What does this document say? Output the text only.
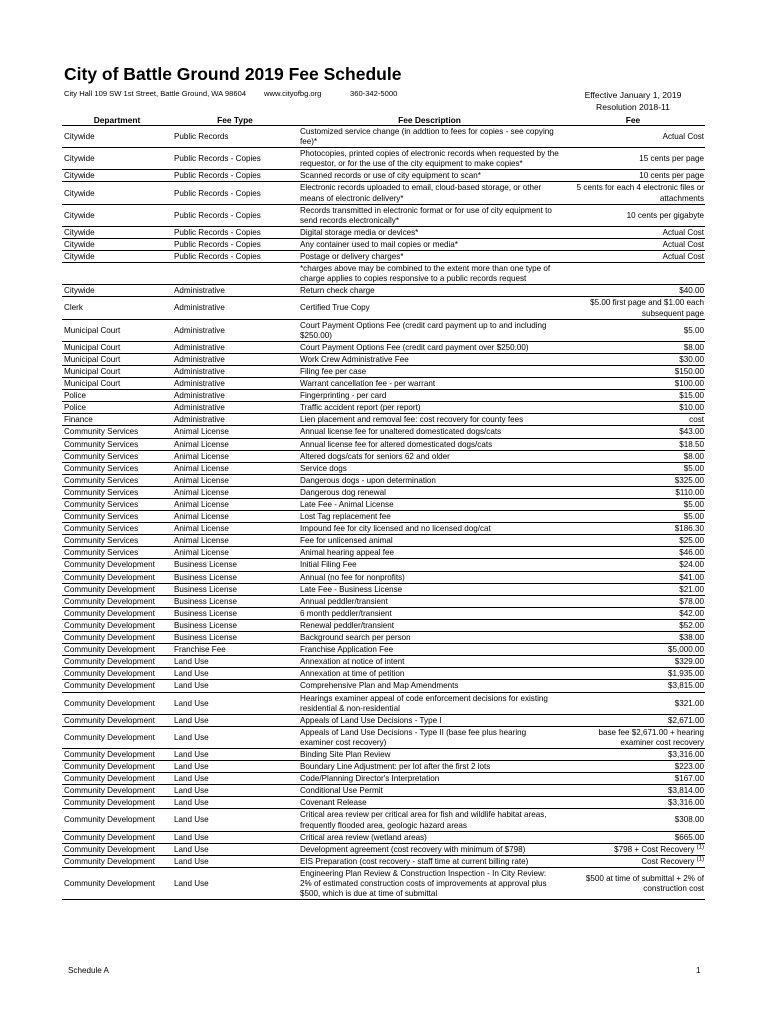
City of Battle Ground 2019 Fee Schedule
City Hall 109 SW 1st Street, Battle Ground, WA 98604 www.cityofbg.org	360-342-5000	Effective January 1, 2019
Resolution 2018-11
Department	Fee Type	Fee Description	Fee
Citywide	Public Records	Customized service change (in addtion to fees for copies - see copying fee)*	Actual Cost
Citywide	Public Records - Copies	Photocopies, printed copies of electronic records when requested by the requestor, or for the use of the city equipment to make copies*	15 cents per page
Citywide	Public Records - Copies	Scanned records or use of city equipment to scan*	10 cents per page
Citywide	Public Records - Copies	Electronic records uploaded to email, cloud-based storage, or other means of electronic delivery*	5 cents for each 4 electronic files or attachments
Citywide	Public Records - Copies	Records transmitted in electronic format or for use of city equipment to send records electronically*	10 cents per gigabyte
Citywide	Public Records - Copies	Digital storage media or devices*	Actual Cost
Citywide	Public Records - Copies	Any container used to mail copies or media*	Actual Cost
Citywide	Public Records - Copies	Postage or delivery charges*	Actual Cost
		*charges above may be combined to the extent more than one type of charge applies to copies responsive to a public records request	
Citywide	Administrative	Return check charge	$40.00
Clerk	Administrative	Certified True Copy	$5.00 first page and $1.00 each subsequent page
Municipal Court	Administrative	Court Payment Options Fee (credit card payment up to and including $250.00)	$5.00
Municipal Court	Administrative	Court Payment Options Fee (credit card payment over $250.00)	$8.00
Municipal Court	Administrative	Work Crew Administrative Fee	$30.00
Municipal Court	Administrative	Filing fee per case	$150.00
Municipal Court	Administrative	Warrant cancellation fee - per warrant	$100.00
Police	Administrative	Fingerprinting - per card	$15.00
Police	Administrative	Traffic accident report (per report)	$10.00
Finance	Administrative	Lien placement and removal fee: cost recovery for county fees	cost
Community Services	Animal License	Annual license fee for unaltered domesticated dogs/cats	$43.00
Community Services	Animal License	Annual license fee for altered domesticated dogs/cats	$18.50
Community Services	Animal License	Altered dogs/cats for seniors 62 and older	$8.00
Community Services	Animal License	Service dogs	$5.00
Community Services	Animal License	Dangerous dogs - upon determination	$325.00
Community Services	Animal License	Dangerous dog renewal	$110.00
Community Services	Animal License	Late Fee - Animal License	$5.00
Community Services	Animal License	Lost Tag replacement fee	$5.00
Community Services	Animal License	Impound fee for city licensed and no licensed dog/cat	$186.30
Community Services	Animal License	Fee for unlicensed animal	$25.00
Community Services	Animal License	Animal hearing appeal fee	$46.00
Community Development	Business License	Initial Filing Fee	$24.00
Community Development	Business License	Annual (no fee for nonprofits)	$41.00
Community Development	Business License	Late Fee - Business License	$21.00
Community Development	Business License	Annual peddler/transient	$78.00
Community Development	Business License	6 month peddler/transient	$42.00
Community Development	Business License	Renewal peddler/transient	$52.00
Community Development	Business License	Background search per person	$38.00
Community Development	Franchise Fee	Franchise Application Fee	$5,000.00
Community Development	Land Use	Annexation at notice of intent	$329.00
Community Development	Land Use	Annexation at time of petition	$1,935.00
Community Development	Land Use	Comprehensive Plan and Map Amendments	$3,815.00
Community Development	Land Use	Hearings examiner appeal of code enforcement decisions for existing residential & non-residential	$321.00
Community Development	Land Use	Appeals of Land Use Decisions - Type I	$2,671.00
Community Development	Land Use	Appeals of Land Use Decisions - Type II (base fee plus hearing examiner cost recovery)	base fee $2,671.00 + hearing examiner cost recovery
Community Development	Land Use	Binding Site Plan Review	$3,316.00
Community Development	Land Use	Boundary Line Adjustment: per lot after the first 2 lots	$223.00
Community Development	Land Use	Code/Planning Director's Interpretation	$167.00
Community Development	Land Use	Conditional Use Permit	$3,814.00
Community Development	Land Use	Covenant Release	$3,316.00
Community Development	Land Use	Critical area review per critical area for fish and wildlife habitat areas, frequently flooded area, geologic hazard areas	$308.00
Community Development	Land Use	Critical area review (wetland areas)	$665.00
Community Development	Land Use	Development agreement (cost recovery with minimum of $798)	$798 + Cost Recovery $^{(1)}$
Community Development	Land Use	EIS Preparation (cost recovery - staff time at current billing rate)	Cost Recovery $^{(1)}$
Community Development	Land Use	Engineering Plan Review & Construction Inspection - In City Review: 2% of estimated construction costs of improvements at approval plus $500, which is due at time of submittal	$500 at time of submittal + 2% of construction cost
Schedule A	1
